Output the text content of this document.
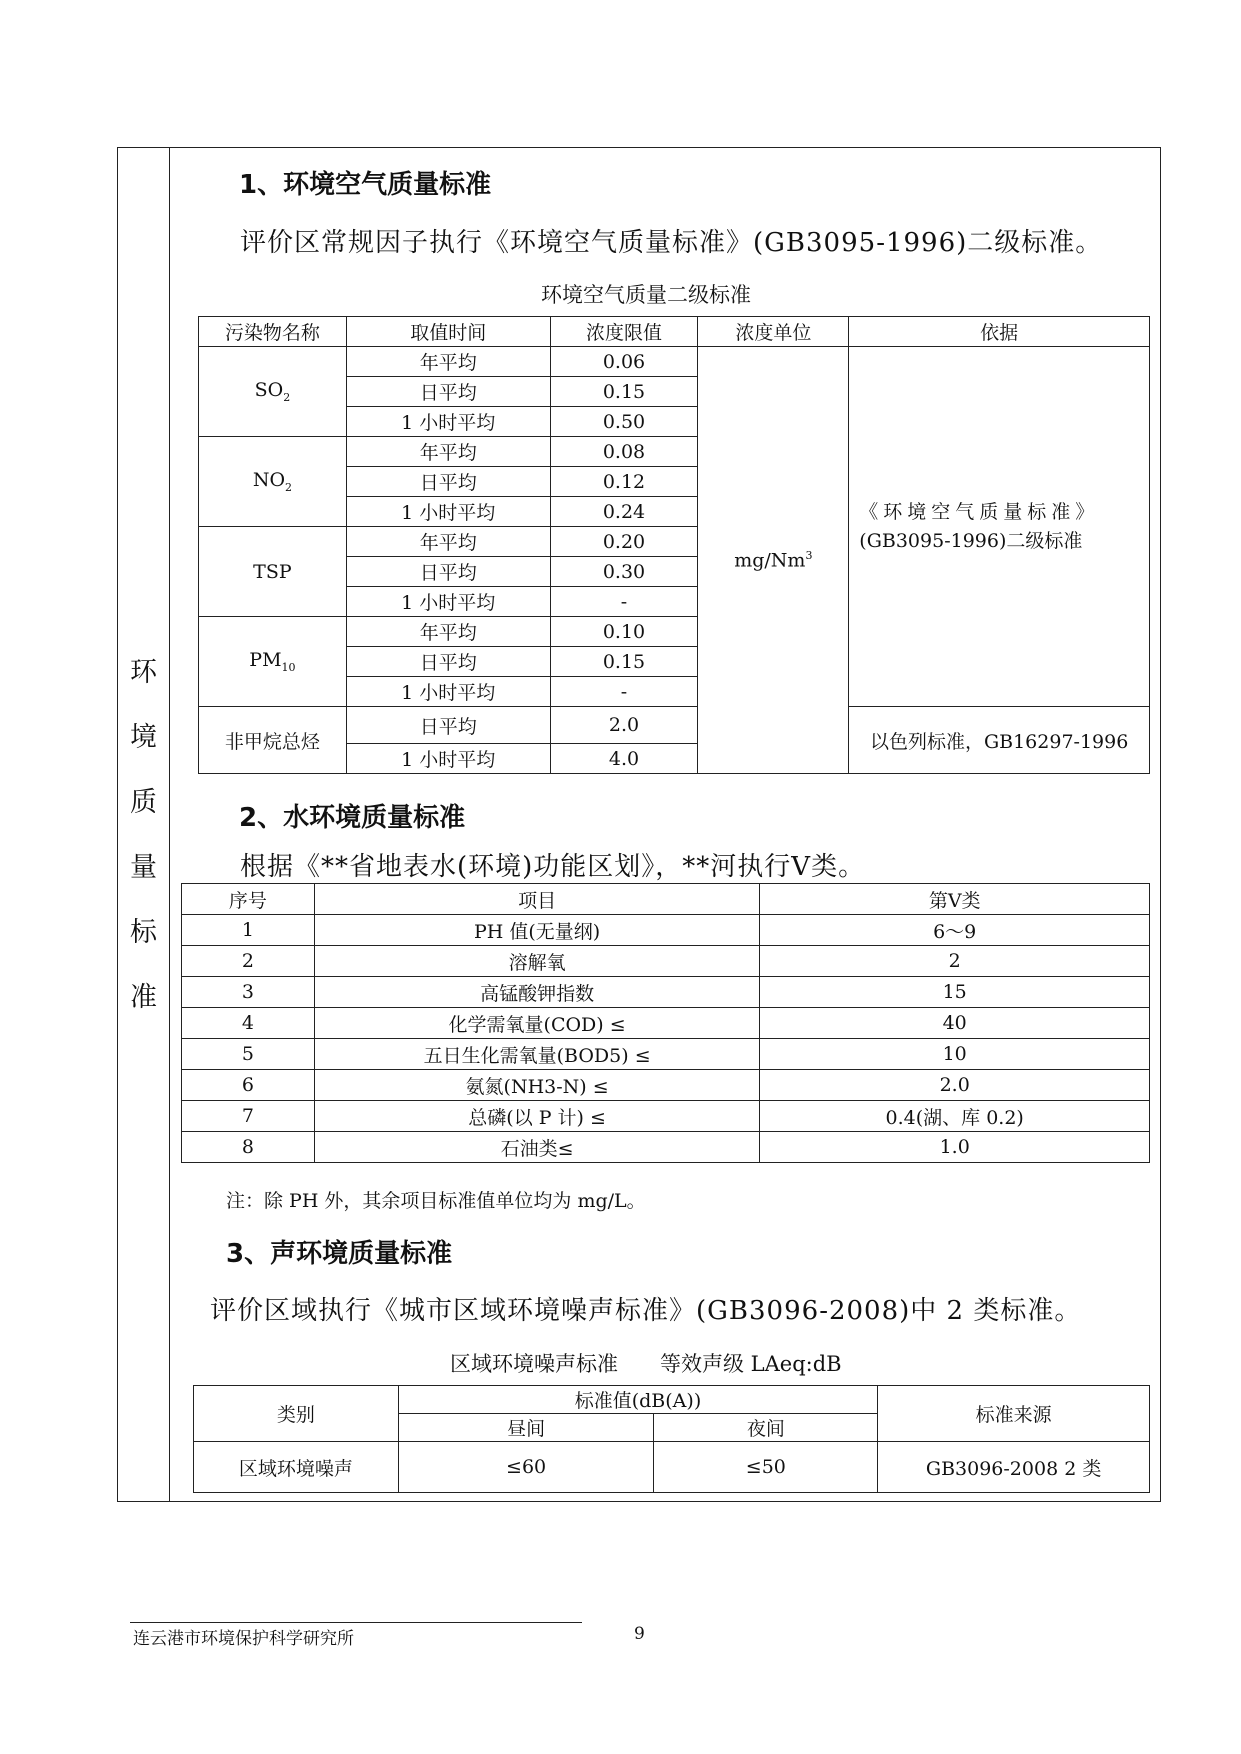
环
境
质
量
标
准
1、环境空气质量标准
评价区常规因子执行《环境空气质量标准》(GB3095-1996)二级标准。
环境空气质量二级标准
污染物名称	取值时间	浓度限值	浓度单位	依据
$SO_2$	年平均	0.06	mg/Nm$^3$	《环境空气质量标准》
(GB3095-1996)二级标准

	日平均	0.15		
	1 小时平均	0.50		
$NO_2$	年平均	0.08		
	日平均	0.12		
	1 小时平均	0.24		
TSP	年平均	0.20		
	日平均	0.30		
	1 小时平均	-		
$PM_{10}$	年平均	0.10		
	日平均	0.15		
	1 小时平均	-		
非甲烷总烃	日平均	2.0		以色列标准，GB16297-1996
	1 小时平均	4.0		
2、水环境质量标准
根据《**省地表水(环境)功能区划》，**河执行Ⅴ类。
序号	项目	第Ⅴ类
1	PH 值(无量纲)	6～9
2	溶解氧	2
3	高锰酸钾指数	15
4	化学需氧量(COD) ≤	40
5	五日生化需氧量(BOD5) ≤	10
6	氨氮(NH3-N) ≤	2.0
7	总磷(以 P 计) ≤	0.4(湖、库 0.2)
8	石油类≤	1.0
注：除 PH 外，其余项目标准值单位均为 mg/L。
3、声环境质量标准
评价区域执行《城市区域环境噪声标准》(GB3096-2008)中 2 类标准。
区域环境噪声标准　　等效声级 LAeq:dB
类别	标准值(dB(A))		标准来源
	昼间	夜间	
区域环境噪声	≤60	≤50	GB3096-2008 2 类
连云港市环境保护科学研究所	9
